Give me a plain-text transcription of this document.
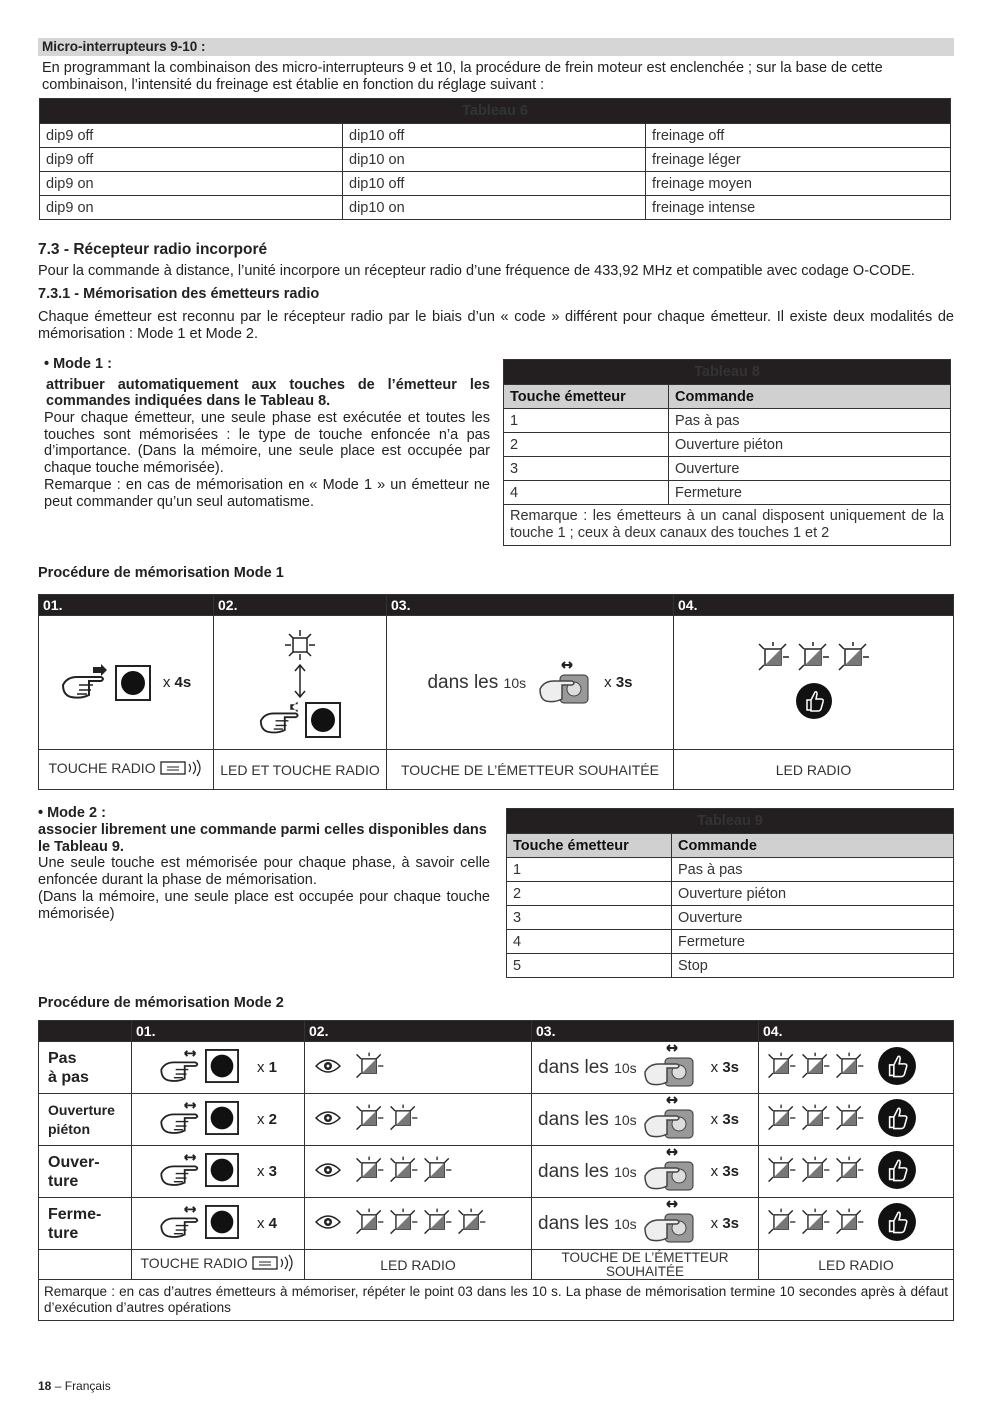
Micro-interrupteurs 9-10 :
En programmant la combinaison des micro-interrupteurs 9 et 10, la procédure de frein moteur est enclenchée ; sur la base de cette combinaison, l’intensité du freinage est établie en fonction du réglage suivant :
Tableau 6		
dip9 off	dip10 off	freinage off
dip9 off	dip10 on	freinage léger
dip9 on	dip10 off	freinage moyen
dip9 on	dip10 on	freinage intense
7.3 - Récepteur radio incorporé
Pour la commande à distance, l’unité incorpore un récepteur radio d’une fréquence de 433,92 MHz et compatible avec codage O-CODE.
7.3.1 - Mémorisation des émetteurs radio
Chaque émetteur est reconnu par le récepteur radio par le biais d’un « code » différent pour chaque émetteur. Il existe deux modalités de mémorisation : Mode 1 et Mode 2.
• Mode 1 :
attribuer automatiquement aux touches de l’émetteur les commandes indiquées dans le Tableau 8.
Pour chaque émetteur, une seule phase est exécutée et toutes les touches sont mémorisées : le type de touche enfoncée n’a pas d’importance. (Dans la mémoire, une seule place est occupée par chaque touche mémorisée).
Remarque : en cas de mémorisation en « Mode 1 » un émetteur ne peut commander qu’un seul automatisme.
Tableau 8	
Touche émetteur	Commande
1	Pas à pas
2	Ouverture piéton
3	Ouverture
4	Fermeture
Remarque : les émetteurs à un canal disposent uniquement de la touche 1 ; ceux à deux canaux des touches 1 et 2	
Procédure de mémorisation Mode 1
01.	02.	03.	04.

x 4s		dans les 10s x 3s	

TOUCHE RADIO	LED ET TOUCHE RADIO	TOUCHE DE L’ÉMETTEUR SOUHAITÉE	LED RADIO
• Mode 2 :
associer librement une commande parmi celles disponibles dans le Tableau 9.
Une seule touche est mémorisée pour chaque phase, à savoir celle enfoncée durant la phase de mémorisation.
(Dans la mémoire, une seule place est occupée pour chaque touche mémorisée)
Tableau 9	
Touche émetteur	Commande
1	Pas à pas
2	Ouverture piéton
3	Ouverture
4	Fermeture
5	Stop
Procédure de mémorisation Mode 2
	01.	02.	03.	04.
Pas
à pas	x 1		dans les 10s x 3s	
Ouverture
piéton	x 2		dans les 10s x 3s	
Ouver-
ture	x 3		dans les 10s x 3s	
Ferme-
ture	x 4		dans les 10s x 3s	
	TOUCHE RADIO	LED RADIO	TOUCHE DE L’ÉMETTEUR SOUHAITÉE	LED RADIO
Remarque : en cas d’autres émetteurs à mémoriser, répéter le point 03 dans les 10 s. La phase de mémorisation termine 10 secondes après à défaut d’exécution d’autres opérations				
18 – Français
